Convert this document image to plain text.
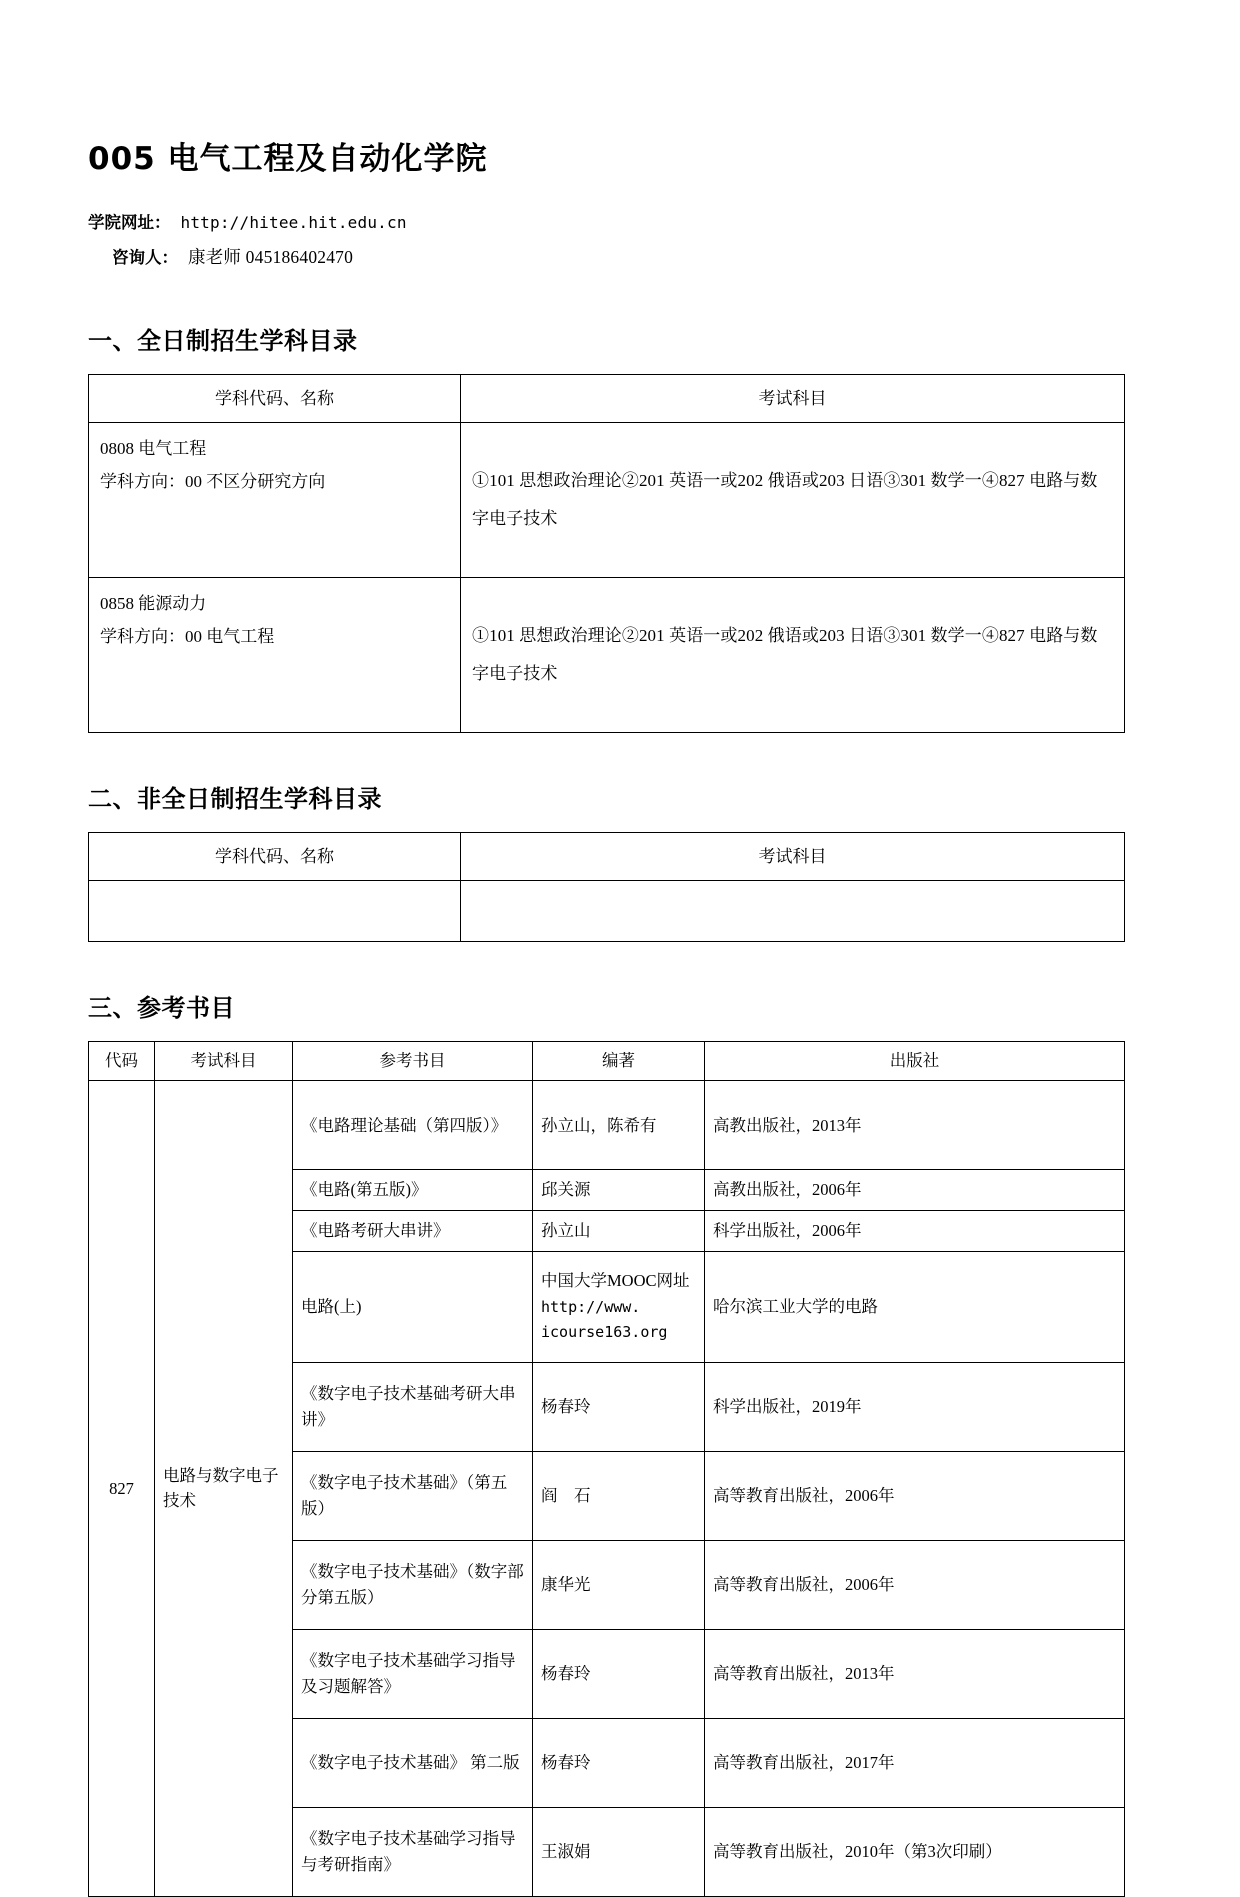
005 电气工程及自动化学院
学院网址： http://hitee.hit.edu.cn
咨询人： 康老师 045186402470
一、全日制招生学科目录
学科代码、名称	考试科目

0808 电气工程
学科方向：00 不区分研究方向	①101 思想政治理论②201 英语一或202 俄语或203 日语③301 数学一④827 电路与数字电子技术

0858 能源动力
学科方向：00 电气工程	①101 思想政治理论②201 英语一或202 俄语或203 日语③301 数学一④827 电路与数字电子技术
二、非全日制招生学科目录
学科代码、名称	考试科目

三、参考书目
代码	考试科目	参考书目	编著	出版社
827	电路与数字电子技术	《电路理论基础（第四版）》	孙立山，陈希有	高教出版社，2013年
		《电路(第五版)》	邱关源	高教出版社，2006年
		《电路考研大串讲》	孙立山	科学出版社，2006年
		电路(上)	中国大学MOOC网址
http://www.
icourse163.org	哈尔滨工业大学的电路
		《数字电子技术基础考研大串讲》	杨春玲	科学出版社，2019年
		《数字电子技术基础》（第五版）	阎　石	高等教育出版社，2006年
		《数字电子技术基础》（数字部分第五版）	康华光	高等教育出版社，2006年
		《数字电子技术基础学习指导及习题解答》	杨春玲	高等教育出版社，2013年
		《数字电子技术基础》 第二版	杨春玲	高等教育出版社，2017年
		《数字电子技术基础学习指导与考研指南》	王淑娟	高等教育出版社，2010年（第3次印刷）
